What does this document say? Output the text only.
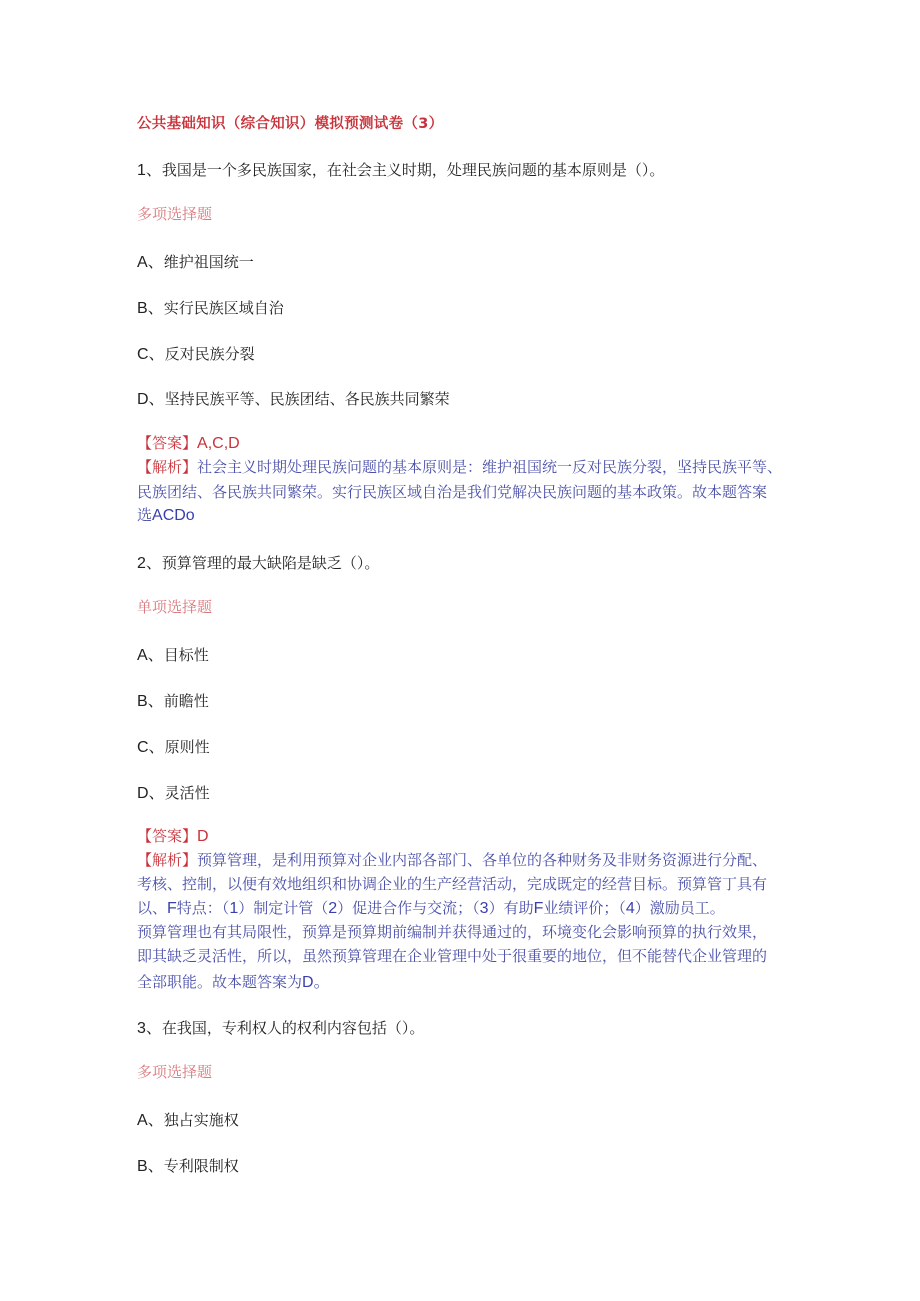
公共基础知识（综合知识）模拟预测试卷（3）
1、我国是一个多民族国家，在社会主义时期，处理民族问题的基本原则是（）。
多项选择题
A、维护祖国统一
B、实行民族区域自治
C、反对民族分裂
D、坚持民族平等、民族团结、各民族共同繁荣
【答案】A,C,D
【解析】社会主义时期处理民族问题的基本原则是：维护祖国统一反对民族分裂，坚持民族平等、
民族团结、各民族共同繁荣。实行民族区域自治是我们党解决民族问题的基本政策。故本题答案
选ACDo
2、预算管理的最大缺陷是缺乏（）。
单项选择题
A、目标性
B、前瞻性
C、原则性
D、灵活性
【答案】D
【解析】预算管理，是利用预算对企业内部各部门、各单位的各种财务及非财务资源进行分配、
考核、控制，以便有效地组织和协调企业的生产经营活动，完成既定的经营目标。预算管丁具有
以、F特点：（1）制定计管（2）促进合作与交流；（3）有助F业绩评价；（4）激励员工。
预算管理也有其局限性，预算是预算期前编制并获得通过的，环境变化会影响预算的执行效果，
即其缺乏灵活性，所以，虽然预算管理在企业管理中处于很重要的地位，但不能替代企业管理的
全部职能。故本题答案为D。
3、在我国，专利权人的权利内容包括（）。
多项选择题
A、独占实施权
B、专利限制权
